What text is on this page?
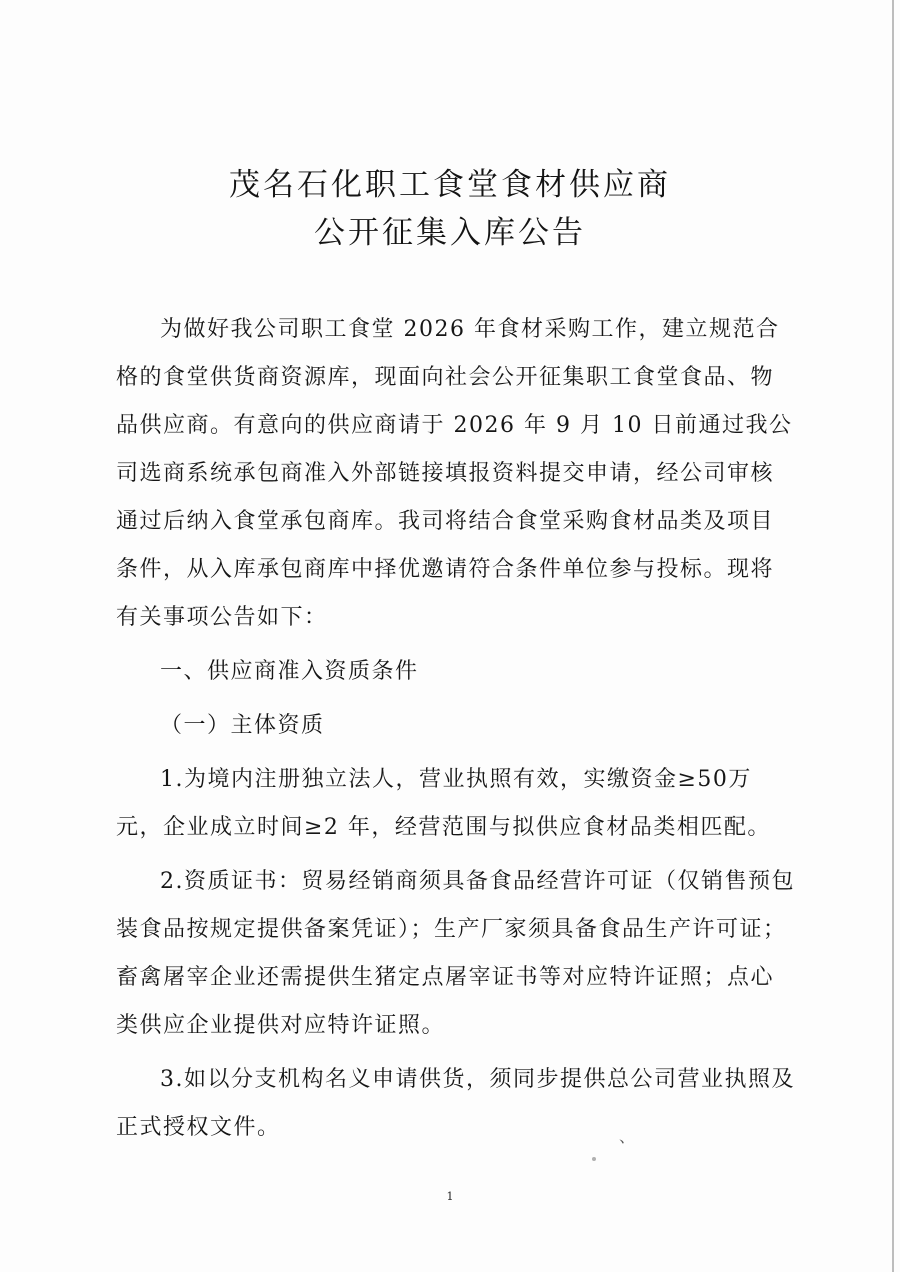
茂名石化职工食堂食材供应商
公开征集入库公告

为做好我公司职工食堂 2026 年食材采购工作，建立规范合格的食堂供货商资源库，现面向社会公开征集职工食堂食品、物品供应商。有意向的供应商请于 2026 年 9 月 10 日前通过我公司选商系统承包商准入外部链接填报资料提交申请，经公司审核通过后纳入食堂承包商库。我司将结合食堂采购食材品类及项目条件，从入库承包商库中择优邀请符合条件单位参与投标。现将有关事项公告如下：

一、供应商准入资质条件

（一）主体资质

1.为境内注册独立法人，营业执照有效，实缴资金≥50万元，企业成立时间≥2 年，经营范围与拟供应食材品类相匹配。

2.资质证书：贸易经销商须具备食品经营许可证（仅销售预包装食品按规定提供备案凭证）；生产厂家须具备食品生产许可证；畜禽屠宰企业还需提供生猪定点屠宰证书等对应特许证照；点心类供应企业提供对应特许证照。

3.如以分支机构名义申请供货，须同步提供总公司营业执照及正式授权文件。	、
1
